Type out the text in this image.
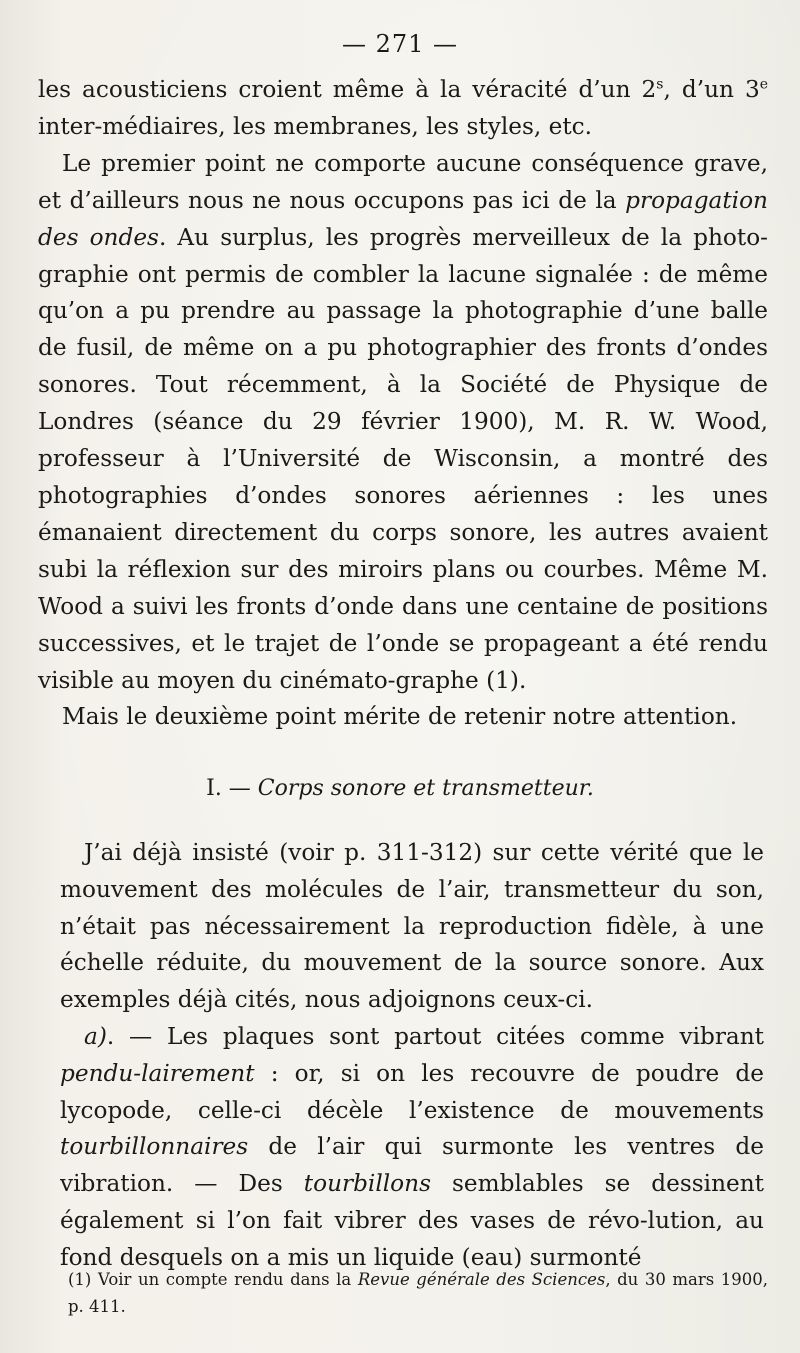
— 271 —

les acousticiens croient même à la véracité d’un 2$^s$, d’un 3e inter-médiaires, les membranes, les styles, etc.

Le premier point ne comporte aucune conséquence grave, et d’ailleurs nous ne nous occupons pas ici de la propagation des ondes. Au surplus, les progrès merveilleux de la photo-graphie ont permis de combler la lacune signalée : de même qu’on a pu prendre au passage la photographie d’une balle de fusil, de même on a pu photographier des fronts d’ondes sonores. Tout récemment, à la Société de Physique de Londres (séance du 29 février 1900), M. R. W. Wood, professeur à l’Université de Wisconsin, a montré des photographies d’ondes sonores aériennes : les unes émanaient directement du corps sonore, les autres avaient subi la réflexion sur des miroirs plans ou courbes. Même M. Wood a suivi les fronts d’onde dans une centaine de positions successives, et le trajet de l’onde se propageant a été rendu visible au moyen du cinémato-graphe (1).

Mais le deuxième point mérite de retenir notre attention.

I. — Corps sonore et transmetteur.

J’ai déjà insisté (voir p. 311-312) sur cette vérité que le mouvement des molécules de l’air, transmetteur du son, n’était pas nécessairement la reproduction fidèle, à une échelle réduite, du mouvement de la source sonore. Aux exemples déjà cités, nous adjoignons ceux-ci.

a). — Les plaques sont partout citées comme vibrant pendu-lairement : or, si on les recouvre de poudre de lycopode, celle-ci décèle l’existence de mouvements tourbillonnaires de l’air qui surmonte les ventres de vibration. — Des tourbillons semblables se dessinent également si l’on fait vibrer des vases de révo-lution, au fond desquels on a mis un liquide (eau) surmonté

(1) Voir un compte rendu dans la Revue générale des Sciences, du 30 mars 1900, p. 411.
